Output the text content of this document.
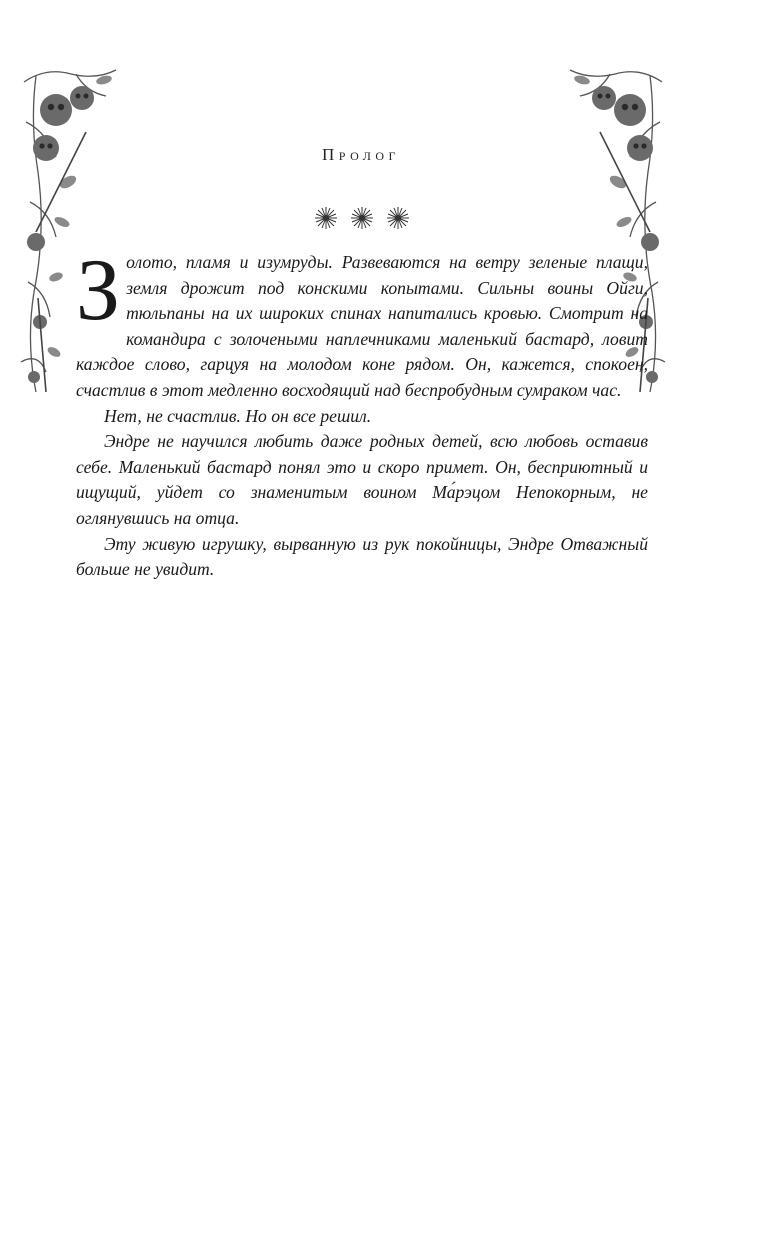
Пролог

Золото, пламя и изумруды. Развеваются на ветру зеленые плащи, земля дрожит под конскими копытами. Сильны воины Ойги, тюльпаны на их широких спинах напитались кровью. Смотрит на командира с золочеными наплечниками маленький бастард, ловит каждое слово, гарцуя на молодом коне рядом. Он, кажется, спокоен, счастлив в этот медленно восходящий над беспробудным сумраком час.

Нет, не счастлив. Но он все решил.

Эндре не научился любить даже родных детей, всю любовь оставив себе. Маленький бастард понял это и скоро примет. Он, бесприютный и ищущий, уйдет со знаменитым воином Ма́рэцом Непокорным, не оглянувшись на отца.

Эту живую игрушку, вырванную из рук покойницы, Эндре Отважный больше не увидит.
